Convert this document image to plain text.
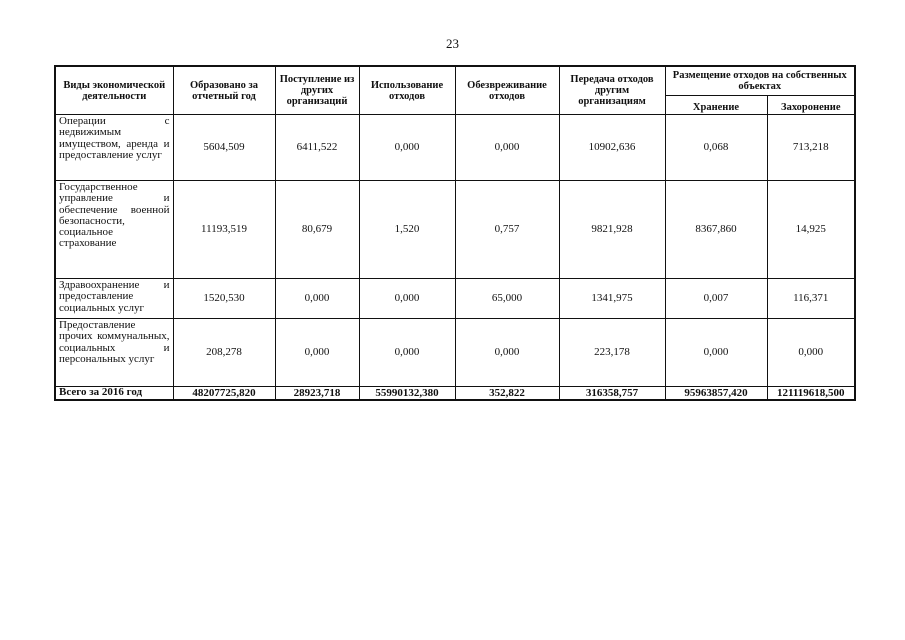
23
Виды экономической деятельности	Образовано за отчетный год	Поступление из других организаций	Использование отходов	Обезвреживание отходов	Передача отходов другим организациям	Размещение отходов на собственных объектах	
						Хранение	Захоронение
Операции с недвижимым имуществом, аренда и предоставление услуг	5604,509	6411,522	0,000	0,000	10902,636	0,068	713,218
Государственное управление и обеспечение военной безопасности, социальное страхование	11193,519	80,679	1,520	0,757	9821,928	8367,860	14,925
Здравоохранение и предоставление социальных услуг	1520,530	0,000	0,000	65,000	1341,975	0,007	116,371
Предоставление прочих коммунальных, социальных и персональных услуг	208,278	0,000	0,000	0,000	223,178	0,000	0,000
Всего за 2016 год	48207725,820	28923,718	55990132,380	352,822	316358,757	95963857,420	121119618,500
